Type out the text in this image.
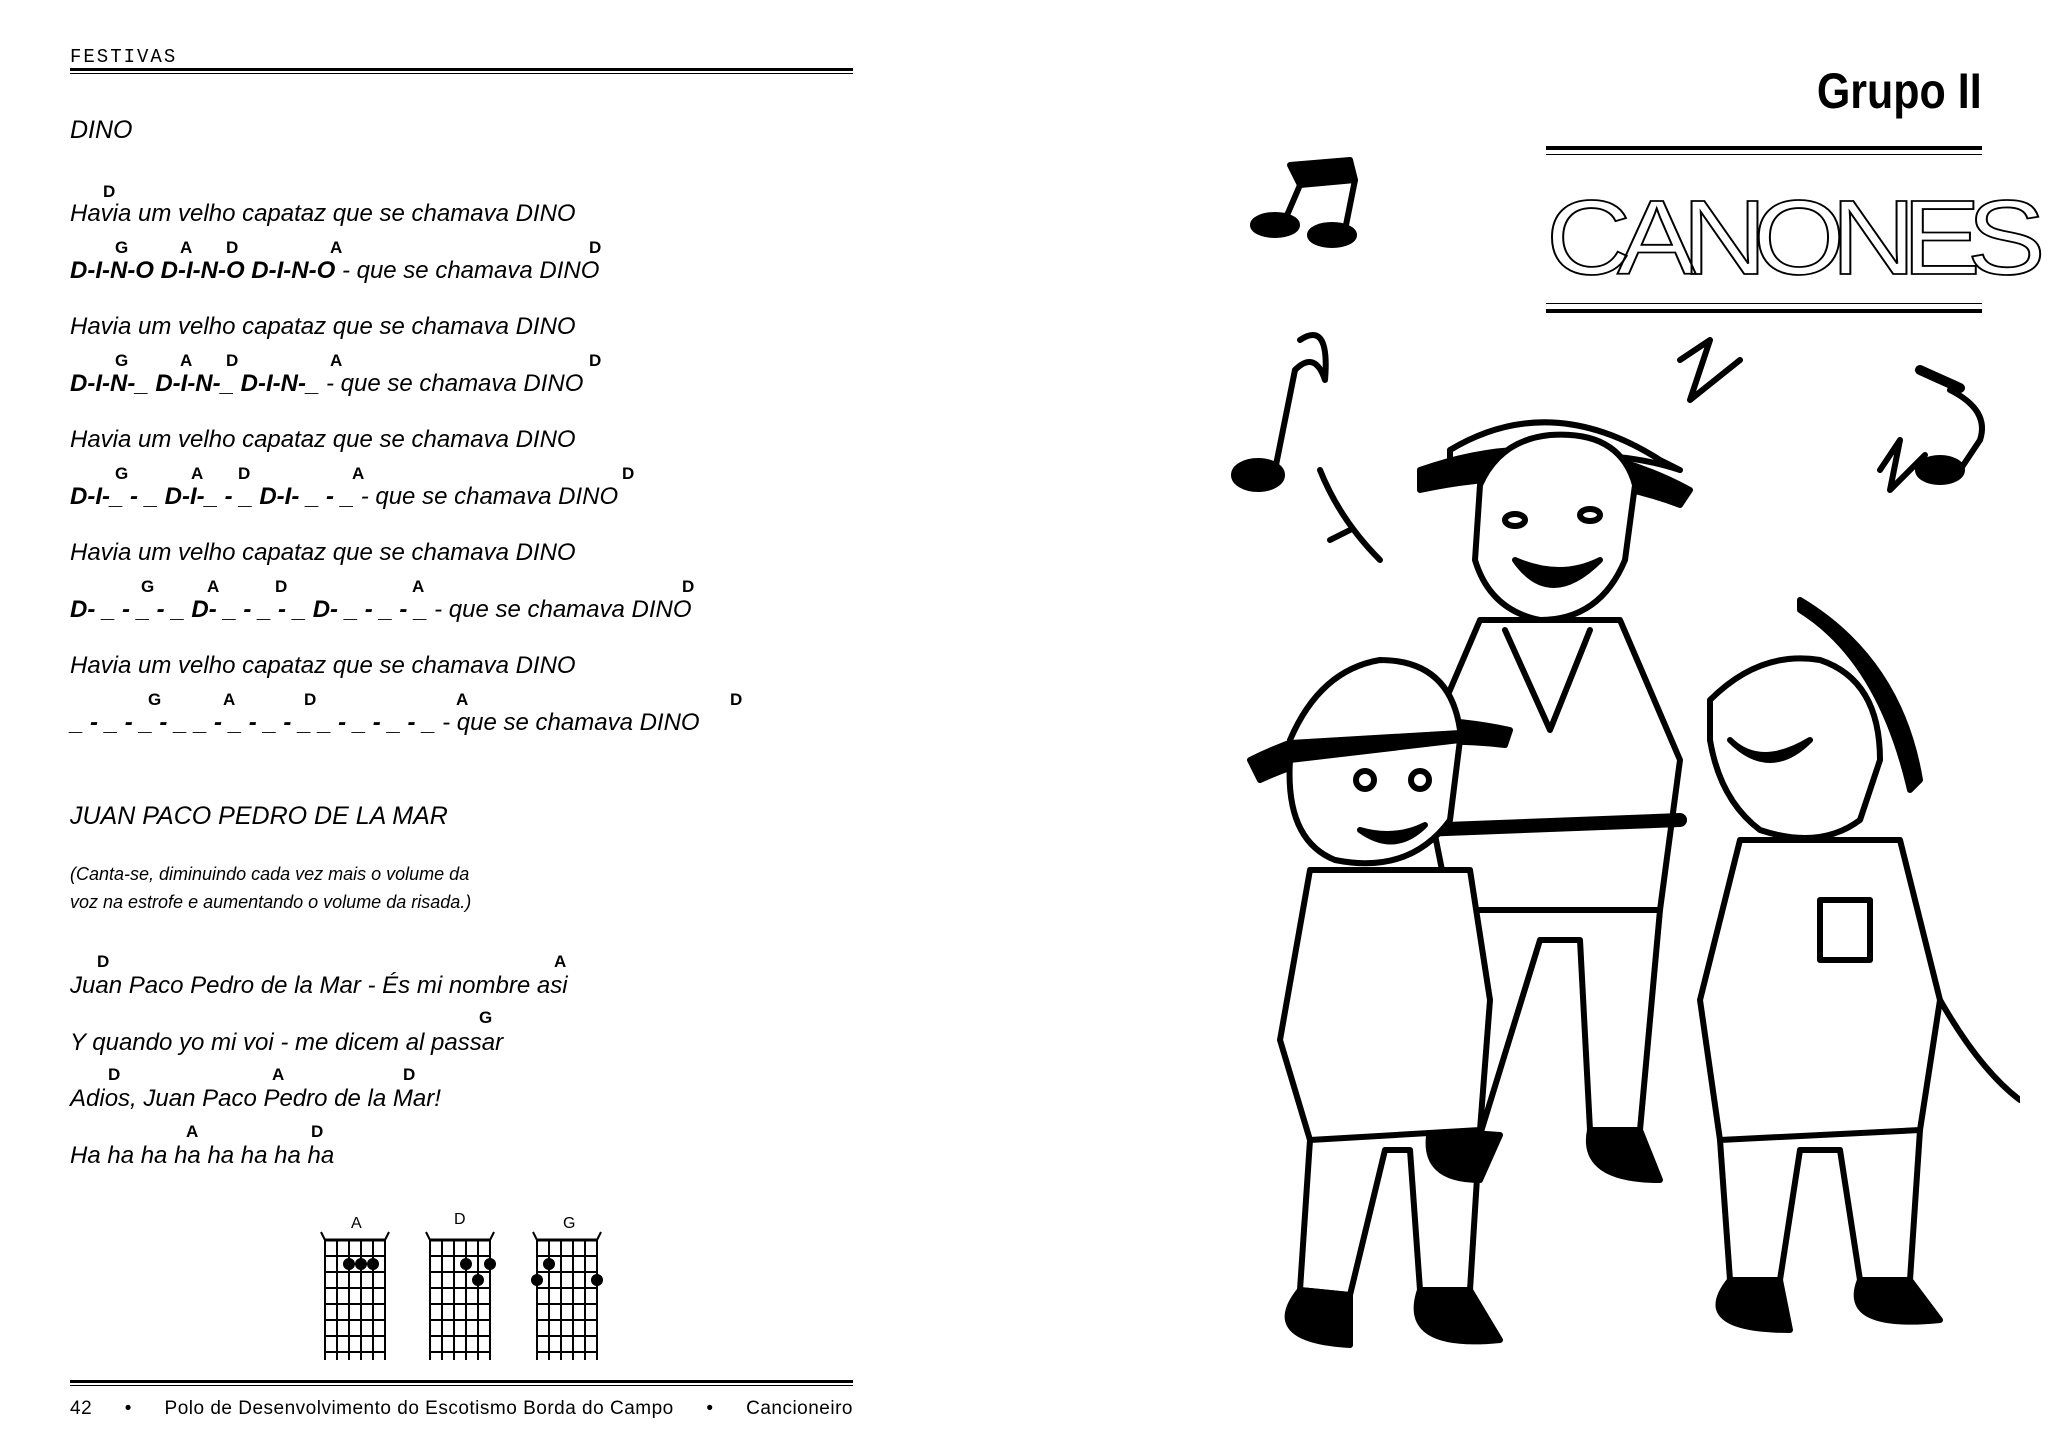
FESTIVAS
DINO
D
Havia um velho capataz que se chamava DINO
G	A D	A	D
D-I-N-O D-I-N-O D-I-N-O - que se chamava DINO
Havia um velho capataz que se chamava DINO
G	A D	A	D
D-I-N-_ D-I-N-_ D-I-N-_ - que se chamava DINO
Havia um velho capataz que se chamava DINO
G	A D	A	D
D-I-_ - _ D-I-_ - _ D-I- _ - _ - que se chamava DINO
Havia um velho capataz que se chamava DINO
G	A	D	A	D
D- _ - _ - _ D- _ - _ - _ D- _ - _ - _ - que se chamava DINO
Havia um velho capataz que se chamava DINO
G	A	D	A	D
_ - _ - _ - _ _ - _ - _ - _ _ - _ - _ - _ - que se chamava DINO
JUAN PACO PEDRO DE LA MAR
(Canta-se, diminuindo cada vez mais o volume da
voz na estrofe e aumentando o volume da risada.)
D	A
Juan Paco Pedro de la Mar - És mi nombre asi
G
Y quando yo mi voi - me dicem al passar
D	A	D
Adios, Juan Paco Pedro de la Mar!
A	D
Ha ha ha ha ha ha ha ha
A	D	G
42 • Polo de Desenvolvimento do Escotismo Borda do Campo • Cancioneiro
Grupo II
CANONES
